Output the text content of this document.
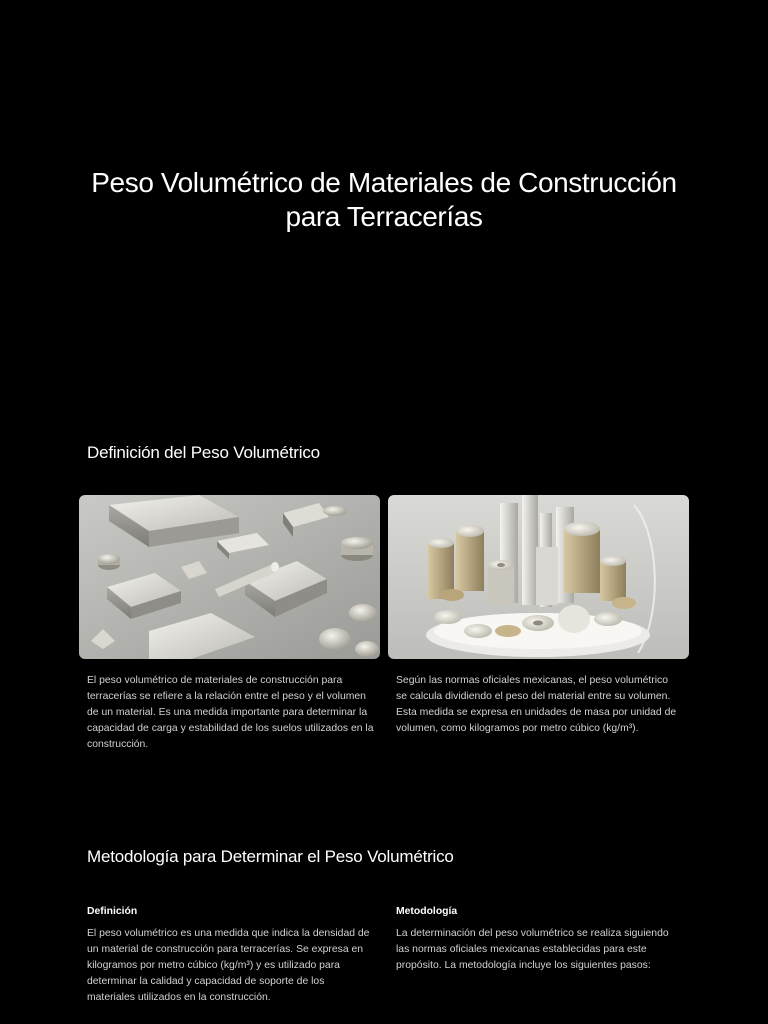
Peso Volumétrico de Materiales de Construcción para Terracerías
Definición del Peso Volumétrico

El peso volumétrico de materiales de construcción para terracerías se refiere a la relación entre el peso y el volumen de un material. Es una medida importante para determinar la capacidad de carga y estabilidad de los suelos utilizados en la construcción.

Según las normas oficiales mexicanas, el peso volumétrico se calcula dividiendo el peso del material entre su volumen. Esta medida se expresa en unidades de masa por unidad de volumen, como kilogramos por metro cúbico (kg/m³).

Metodología para Determinar el Peso Volumétrico
Definición	Metodología

El peso volumétrico es una medida que indica la densidad de un material de construcción para terracerías. Se expresa en kilogramos por metro cúbico (kg/m³) y es utilizado para determinar la calidad y capacidad de soporte de los materiales utilizados en la construcción.

La determinación del peso volumétrico se realiza siguiendo las normas oficiales mexicanas establecidas para este propósito. La metodología incluye los siguientes pasos:
